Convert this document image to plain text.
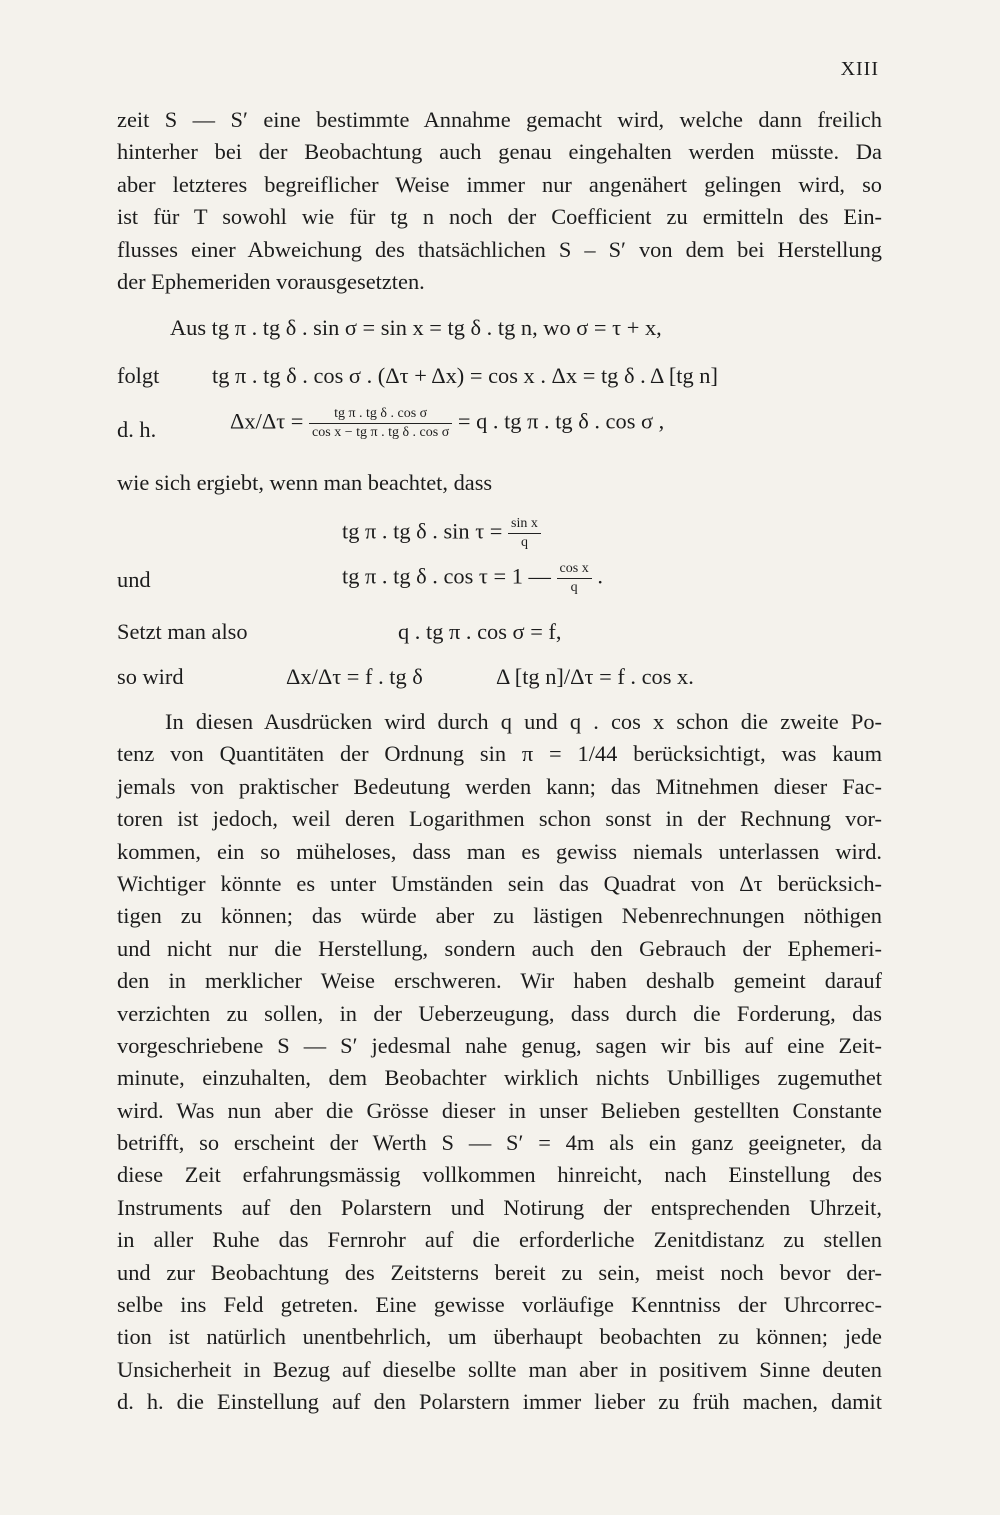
XIII
zeit S — S′ eine bestimmte Annahme gemacht wird, welche dann freilich
hinterher bei der Beobachtung auch genau eingehalten werden müsste. Da
aber letzteres begreiflicher Weise immer nur angenähert gelingen wird, so
ist für T sowohl wie für tg n noch der Coefficient zu ermitteln des Ein-
flusses einer Abweichung des thatsächlichen S – S′ von dem bei Herstellung
der Ephemeriden vorausgesetzten.
Aus tg π . tg δ . sin σ = sin x = tg δ . tg n, wo σ = τ + x,
folgt tg π . tg δ . cos σ . (Δτ + Δx) = cos x . Δx = tg δ . Δ [tg n]
d. h.	$\Delta x/\Delta\tau = \frac{\text{tg π . tg δ . cos σ}}{\text{cos x − tg π . tg δ . cos σ}} = q$ . tg π . tg δ . cos σ ,
wie sich ergiebt, wenn man beachtet, dass
tg π . tg δ . $\sin \tau = \frac{\text{sin x}}{q}$
und	tg π . tg δ . cos τ = 1 — $\frac{\text{cos x}}{q}$ .
Setzt man also	q . tg π . cos σ = f,
so wird	Δx/Δτ = f . tg δ	Δ [tg n]/Δτ = f . cos x.
In diesen Ausdrücken wird durch q und q . cos x schon die zweite Po-
tenz von Quantitäten der Ordnung sin π = 1/44 berücksichtigt, was kaum
jemals von praktischer Bedeutung werden kann; das Mitnehmen dieser Fac-
toren ist jedoch, weil deren Logarithmen schon sonst in der Rechnung vor-
kommen, ein so müheloses, dass man es gewiss niemals unterlassen wird.
Wichtiger könnte es unter Umständen sein das Quadrat von Δτ berücksich-
tigen zu können; das würde aber zu lästigen Nebenrechnungen nöthigen
und nicht nur die Herstellung, sondern auch den Gebrauch der Ephemeri-
den in merklicher Weise erschweren. Wir haben deshalb gemeint darauf
verzichten zu sollen, in der Ueberzeugung, dass durch die Forderung, das
vorgeschriebene S — S′ jedesmal nahe genug, sagen wir bis auf eine Zeit-
minute, einzuhalten, dem Beobachter wirklich nichts Unbilliges zugemuthet
wird. Was nun aber die Grösse dieser in unser Belieben gestellten Constante
betrifft, so erscheint der Werth S — S′ = 4m als ein ganz geeigneter, da
diese Zeit erfahrungsmässig vollkommen hinreicht, nach Einstellung des
Instruments auf den Polarstern und Notirung der entsprechenden Uhrzeit,
in aller Ruhe das Fernrohr auf die erforderliche Zenitdistanz zu stellen
und zur Beobachtung des Zeitsterns bereit zu sein, meist noch bevor der-
selbe ins Feld getreten. Eine gewisse vorläufige Kenntniss der Uhrcorrec-
tion ist natürlich unentbehrlich, um überhaupt beobachten zu können; jede
Unsicherheit in Bezug auf dieselbe sollte man aber in positivem Sinne deuten
d. h. die Einstellung auf den Polarstern immer lieber zu früh machen, damit
